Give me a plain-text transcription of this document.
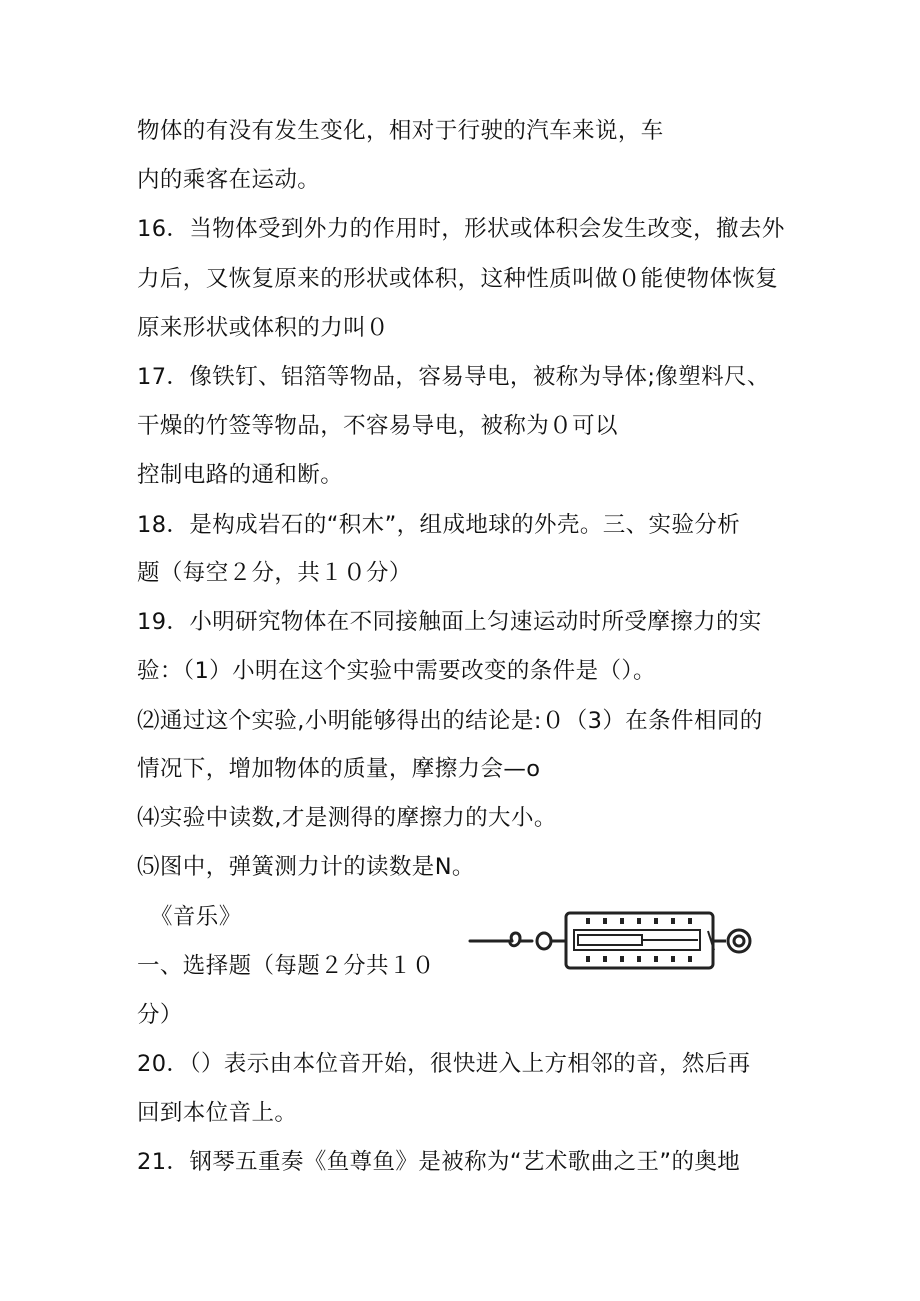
物体的有没有发生变化，相对于行驶的汽车来说，车
内的乘客在运动。
16．当物体受到外力的作用时，形状或体积会发生改变，撤去外
力后，又恢复原来的形状或体积，这种性质叫做０能使物体恢复
原来形状或体积的力叫０
17．像铁钉、铝箔等物品，容易导电，被称为导体;像塑料尺、
干燥的竹签等物品，不容易导电，被称为０可以
控制电路的通和断。
18．是构成岩石的“积木”，组成地球的外壳。三、实验分析
题（每空２分，共１０分）
19．小明研究物体在不同接触面上匀速运动时所受摩擦力的实
验：（1）小明在这个实验中需要改变的条件是（）。
⑵通过这个实验,小明能够得出的结论是:０（3）在条件相同的
情况下，增加物体的质量，摩擦力会—o
⑷实验中读数,才是测得的摩擦力的大小。
⑸图中，弹簧测力计的读数是N。
《音乐》
一、选择题（每题２分共１０
分）
20．（）表示由本位音开始，很快进入上方相邻的音，然后再
回到本位音上。
21．钢琴五重奏《鱼尊鱼》是被称为“艺术歌曲之王”的奥地
